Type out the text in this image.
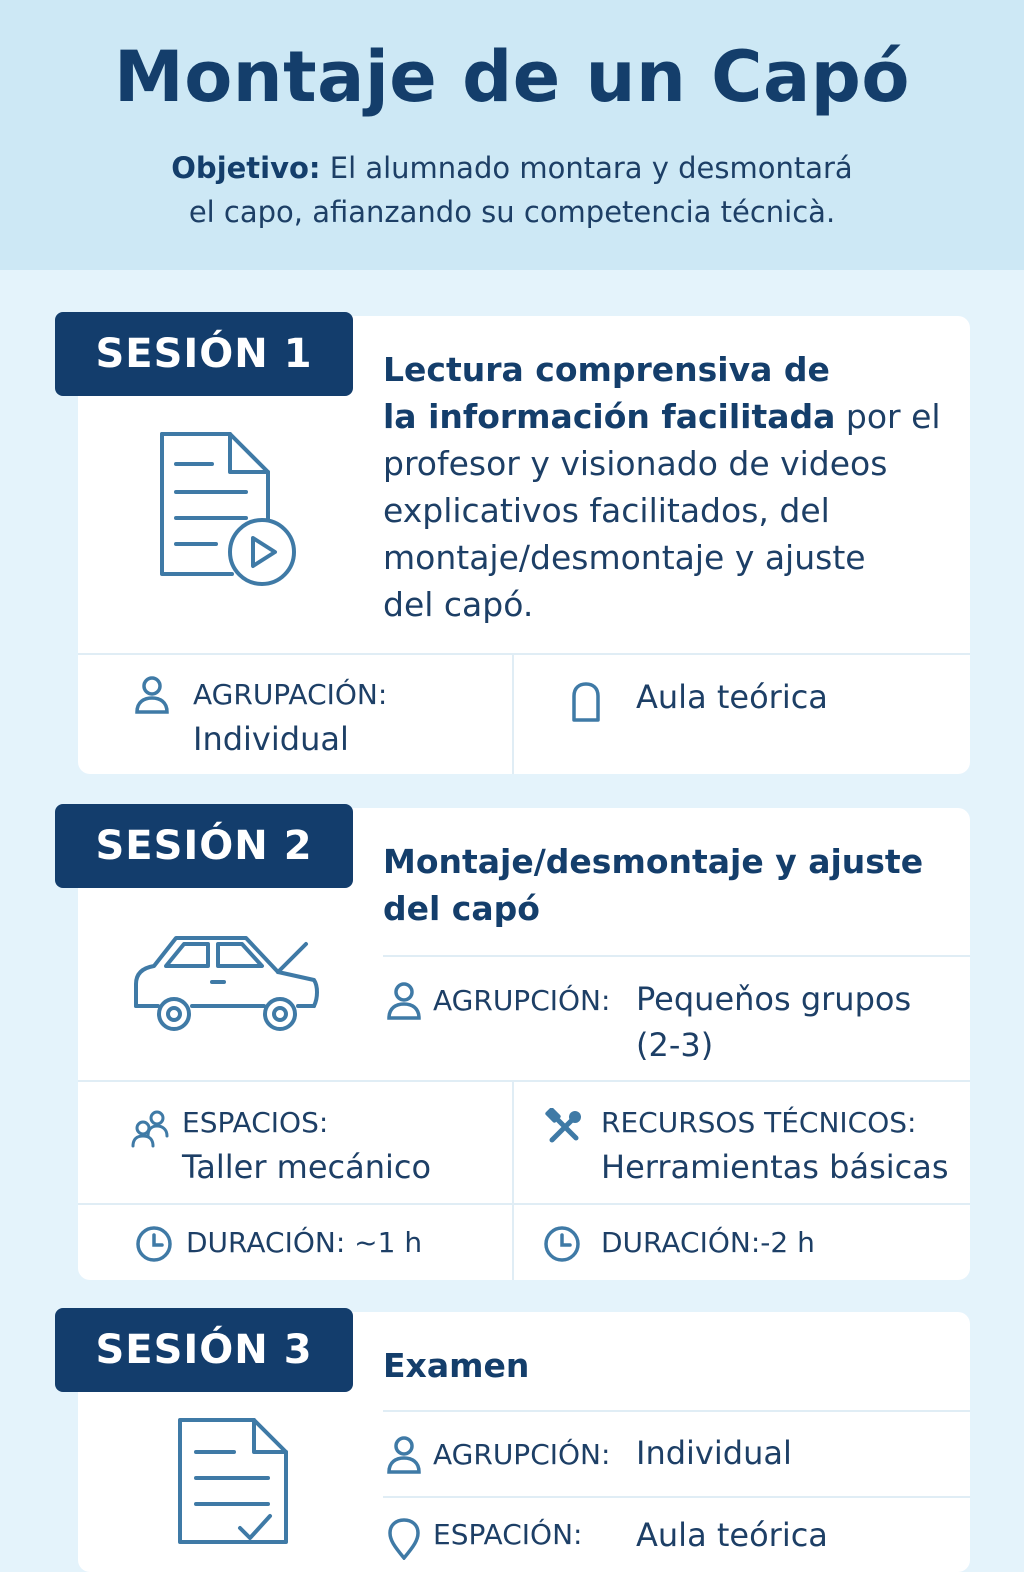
Montaje de un Capó
Objetivo: El alumnado montara y desmontará
el capo, afianzando su competencia técnicà.
Lectura comprensiva de
la información facilitada por el
profesor y visionado de videos
explicativos facilitados, del
montaje/desmontaje y ajuste
del capó.
AGRUPACIÓN:
Individual
Aula teórica
SESIÓN 1
Montaje/desmontaje y ajuste
del capó
AGRUPCIÓN: Pequeňos grupos
(2-3)
ESPACIOS:
Taller mecánico
RECURSOS TÉCNICOS:
Herramientas básicas
DURACIÓN: ~1 h	DURACIÓN:-2 h
SESIÓN 2
Examen
AGRUPCIÓN: Individual
ESPACIÓN: Aula teórica
SESIÓN 3
